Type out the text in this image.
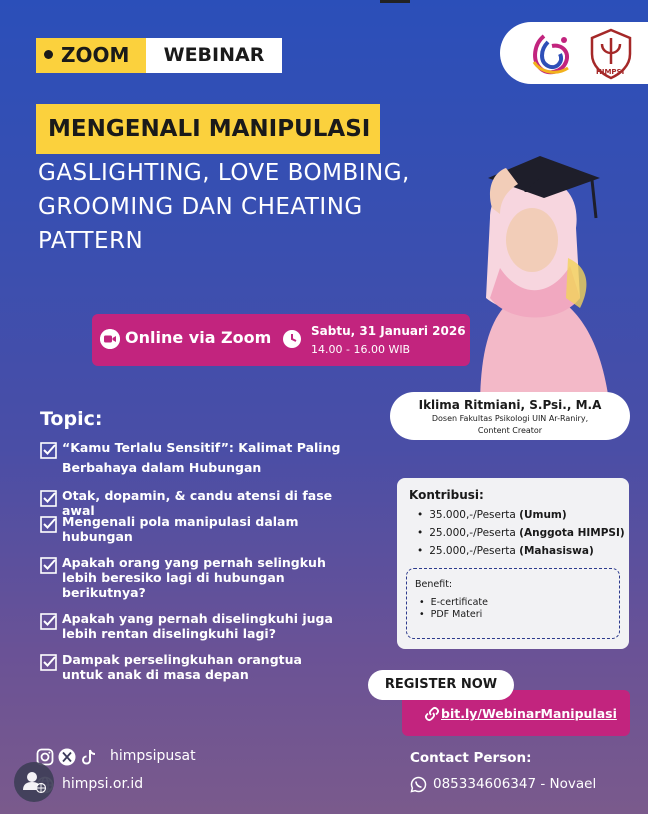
ZOOM	WEBINAR
HIMPSI
MENGENALI MANIPULASI
GASLIGHTING, LOVE BOMBING,
GROOMING DAN CHEATING
PATTERN
Online via Zoom	Sabtu, 31 Januari 2026
14.00 - 16.00 WIB
Iklima Ritmiani, S.Psi., M.A
Dosen Fakultas Psikologi UIN Ar-Raniry,
Content Creator
Topic:
“Kamu Terlalu Sensitif”: Kalimat Paling
Berbahaya dalam Hubungan
Otak, dopamin, & candu atensi di fase awal
Mengenali pola manipulasi dalam
hubungan
Apakah orang yang pernah selingkuh
lebih beresiko lagi di hubungan
berikutnya?
Apakah yang pernah diselingkuhi juga
lebih rentan diselingkuhi lagi?
Dampak perselingkuhan orangtua
untuk anak di masa depan
Kontribusi:
• 35.000,-/Peserta (Umum)
• 25.000,-/Peserta (Anggota HIMPSI)
• 25.000,-/Peserta (Mahasiswa)
Benefit:
• E-certificate
• PDF Materi
REGISTER NOW
bit.ly/WebinarManipulasi
himpsipusat
himpsi.or.id
Contact Person:
085334606347 - Novael
